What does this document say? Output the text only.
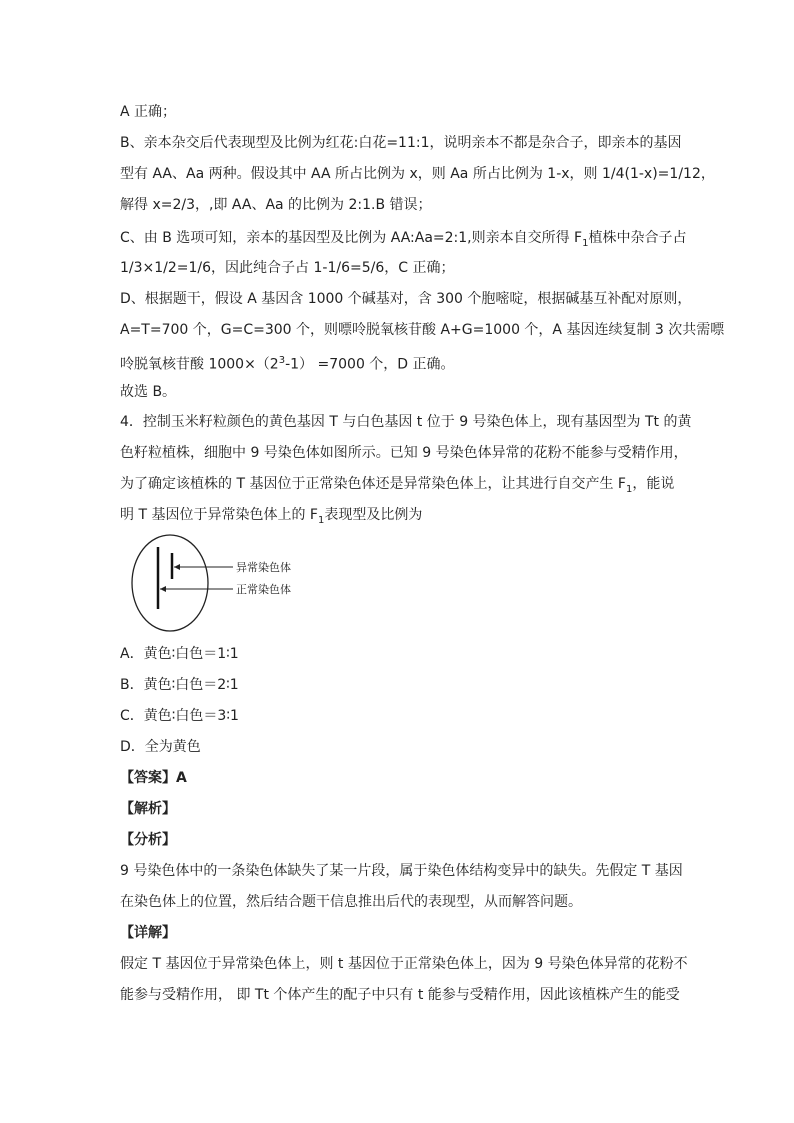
A 正确；
B、亲本杂交后代表现型及比例为红花:白花=11:1，说明亲本不都是杂合子，即亲本的基因
型有 AA、Aa 两种。假设其中 AA 所占比例为 x，则 Aa 所占比例为 1-x，则 1/4(1-x)=1/12，
解得 x=2/3，,即 AA、Aa 的比例为 2:1.B 错误；
C、由 B 选项可知，亲本的基因型及比例为 AA:Aa=2:1,则亲本自交所得 $F_1$植株中杂合子占
1/3×1/2=1/6，因此纯合子占 1-1/6=5/6，C 正确；
D、根据题干，假设 A 基因含 1000 个碱基对，含 300 个胞嘧啶，根据碱基互补配对原则，
A=T=700 个，G=C=300 个，则嘌呤脱氧核苷酸 A+G=1000 个，A 基因连续复制 3 次共需嘌
呤脱氧核苷酸 $1000\times(2^3-1) =7000$ 个，D 正确。
故选 B。
4．控制玉米籽粒颜色的黄色基因 T 与白色基因 t 位于 9 号染色体上，现有基因型为 Tt 的黄
色籽粒植株，细胞中 9 号染色体如图所示。已知 9 号染色体异常的花粉不能参与受精作用，
为了确定该植株的 T 基因位于正常染色体还是异常染色体上，让其进行自交产生 $F_1$，能说
明 T 基因位于异常染色体上的 $F_1$表现型及比例为
异常染色体
正常染色体
A．黄色∶白色＝1∶1
B．黄色∶白色＝2∶1
C．黄色∶白色＝3∶1
D．全为黄色
【答案】A
【解析】
【分析】
9 号染色体中的一条染色体缺失了某一片段，属于染色体结构变异中的缺失。先假定 T 基因
在染色体上的位置，然后结合题干信息推出后代的表现型，从而解答问题。
【详解】
假定 T 基因位于异常染色体上，则 t 基因位于正常染色体上，因为 9 号染色体异常的花粉不
能参与受精作用， 即 Tt 个体产生的配子中只有 t 能参与受精作用，因此该植株产生的能受
